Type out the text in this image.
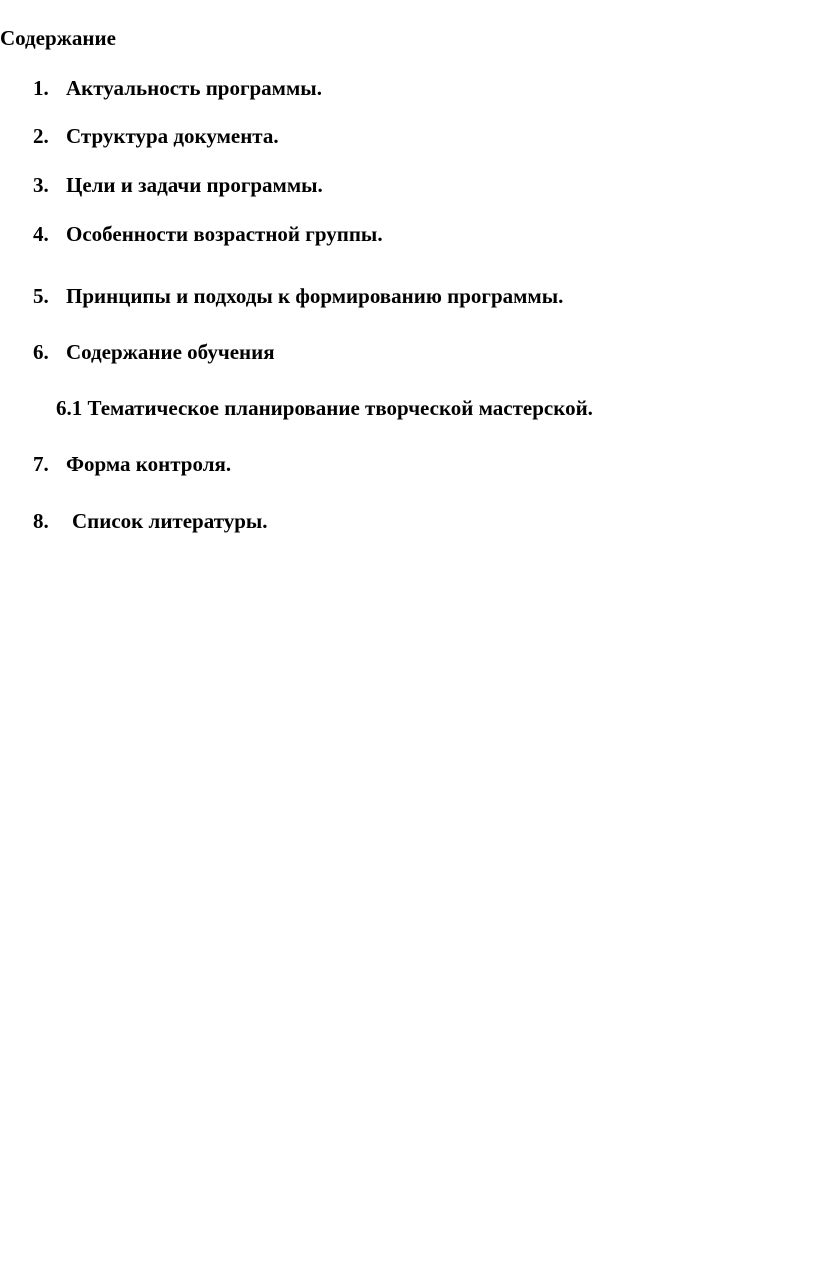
Содержание
1. Актуальность программы.
2. Структура документа.
3. Цели и задачи программы.
4. Особенности возрастной группы.
5. Принципы и подходы к формированию программы.
6. Содержание обучения
6.1 Тематическое планирование творческой мастерской.
7. Форма контроля.
8. Список литературы.
